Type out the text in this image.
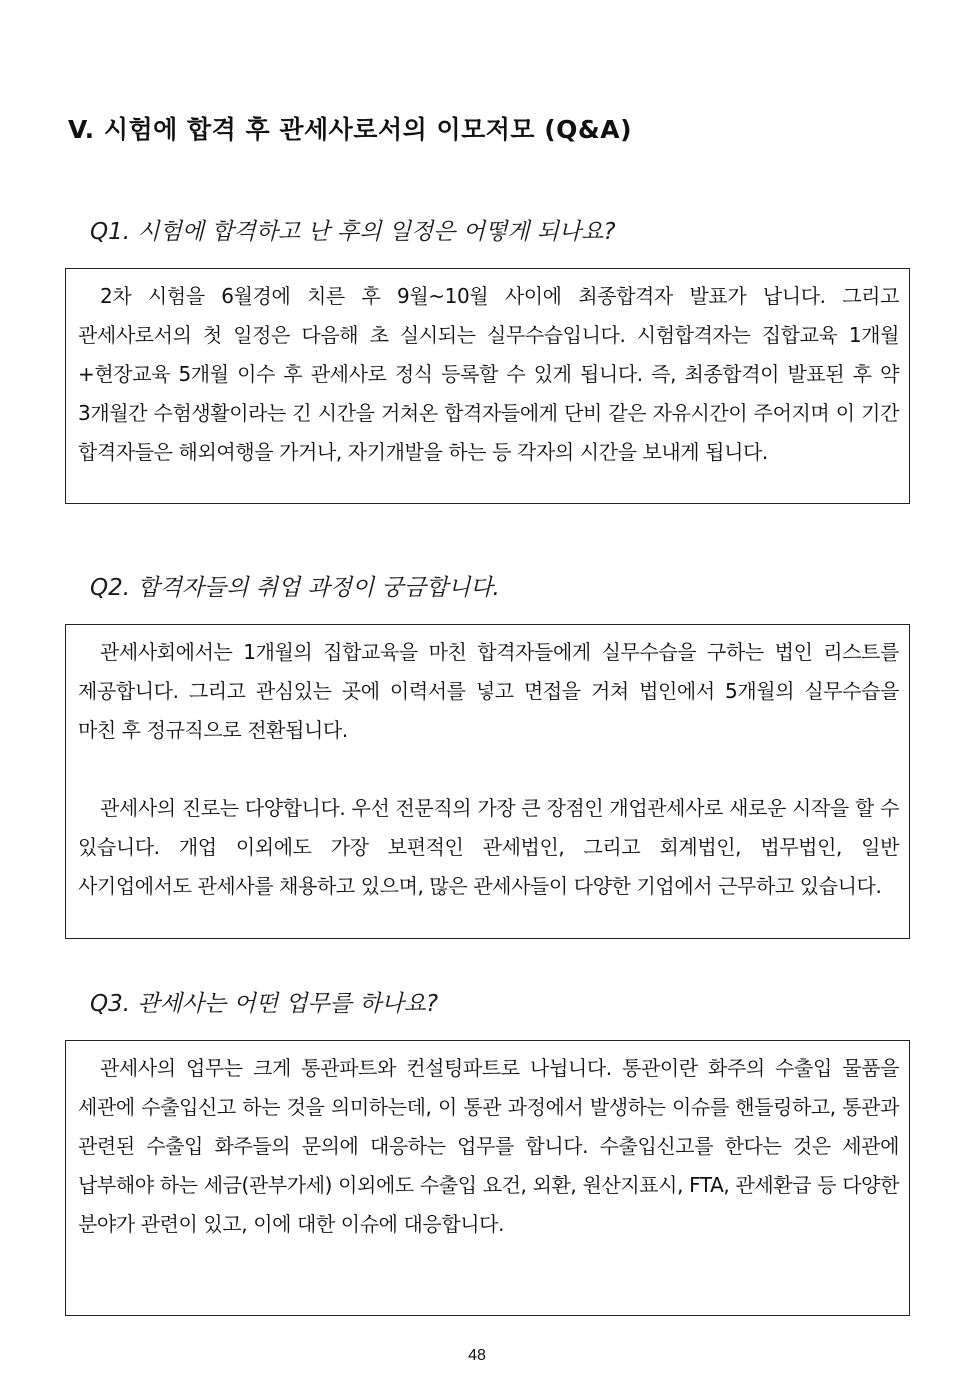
V. 시험에 합격 후 관세사로서의 이모저모 (Q&A)
Q1. 시험에 합격하고 난 후의 일정은 어떻게 되나요?

2차 시험을 6월경에 치른 후 9월~10월 사이에 최종합격자 발표가 납니다. 그리고 관세사로서의 첫 일정은 다음해 초 실시되는 실무수습입니다. 시험합격자는 집합교육 1개월+현장교육 5개월 이수 후 관세사로 정식 등록할 수 있게 됩니다. 즉, 최종합격이 발표된 후 약 3개월간 수험생활이라는 긴 시간을 거쳐온 합격자들에게 단비 같은 자유시간이 주어지며 이 기간 합격자들은 해외여행을 가거나, 자기개발을 하는 등 각자의 시간을 보내게 됩니다.

Q2. 합격자들의 취업 과정이 궁금합니다.

관세사회에서는 1개월의 집합교육을 마친 합격자들에게 실무수습을 구하는 법인 리스트를 제공합니다. 그리고 관심있는 곳에 이력서를 넣고 면접을 거쳐 법인에서 5개월의 실무수습을 마친 후 정규직으로 전환됩니다.

관세사의 진로는 다양합니다. 우선 전문직의 가장 큰 장점인 개업관세사로 새로운 시작을 할 수 있습니다. 개업 이외에도 가장 보편적인 관세법인, 그리고 회계법인, 법무법인, 일반 사기업에서도 관세사를 채용하고 있으며, 많은 관세사들이 다양한 기업에서 근무하고 있습니다.

Q3. 관세사는 어떤 업무를 하나요?

관세사의 업무는 크게 통관파트와 컨설팅파트로 나뉩니다. 통관이란 화주의 수출입 물품을 세관에 수출입신고 하는 것을 의미하는데, 이 통관 과정에서 발생하는 이슈를 핸들링하고, 통관과 관련된 수출입 화주들의 문의에 대응하는 업무를 합니다. 수출입신고를 한다는 것은 세관에 납부해야 하는 세금(관부가세) 이외에도 수출입 요건, 외환, 원산지표시, FTA, 관세환급 등 다양한 분야가 관련이 있고, 이에 대한 이슈에 대응합니다.

48
